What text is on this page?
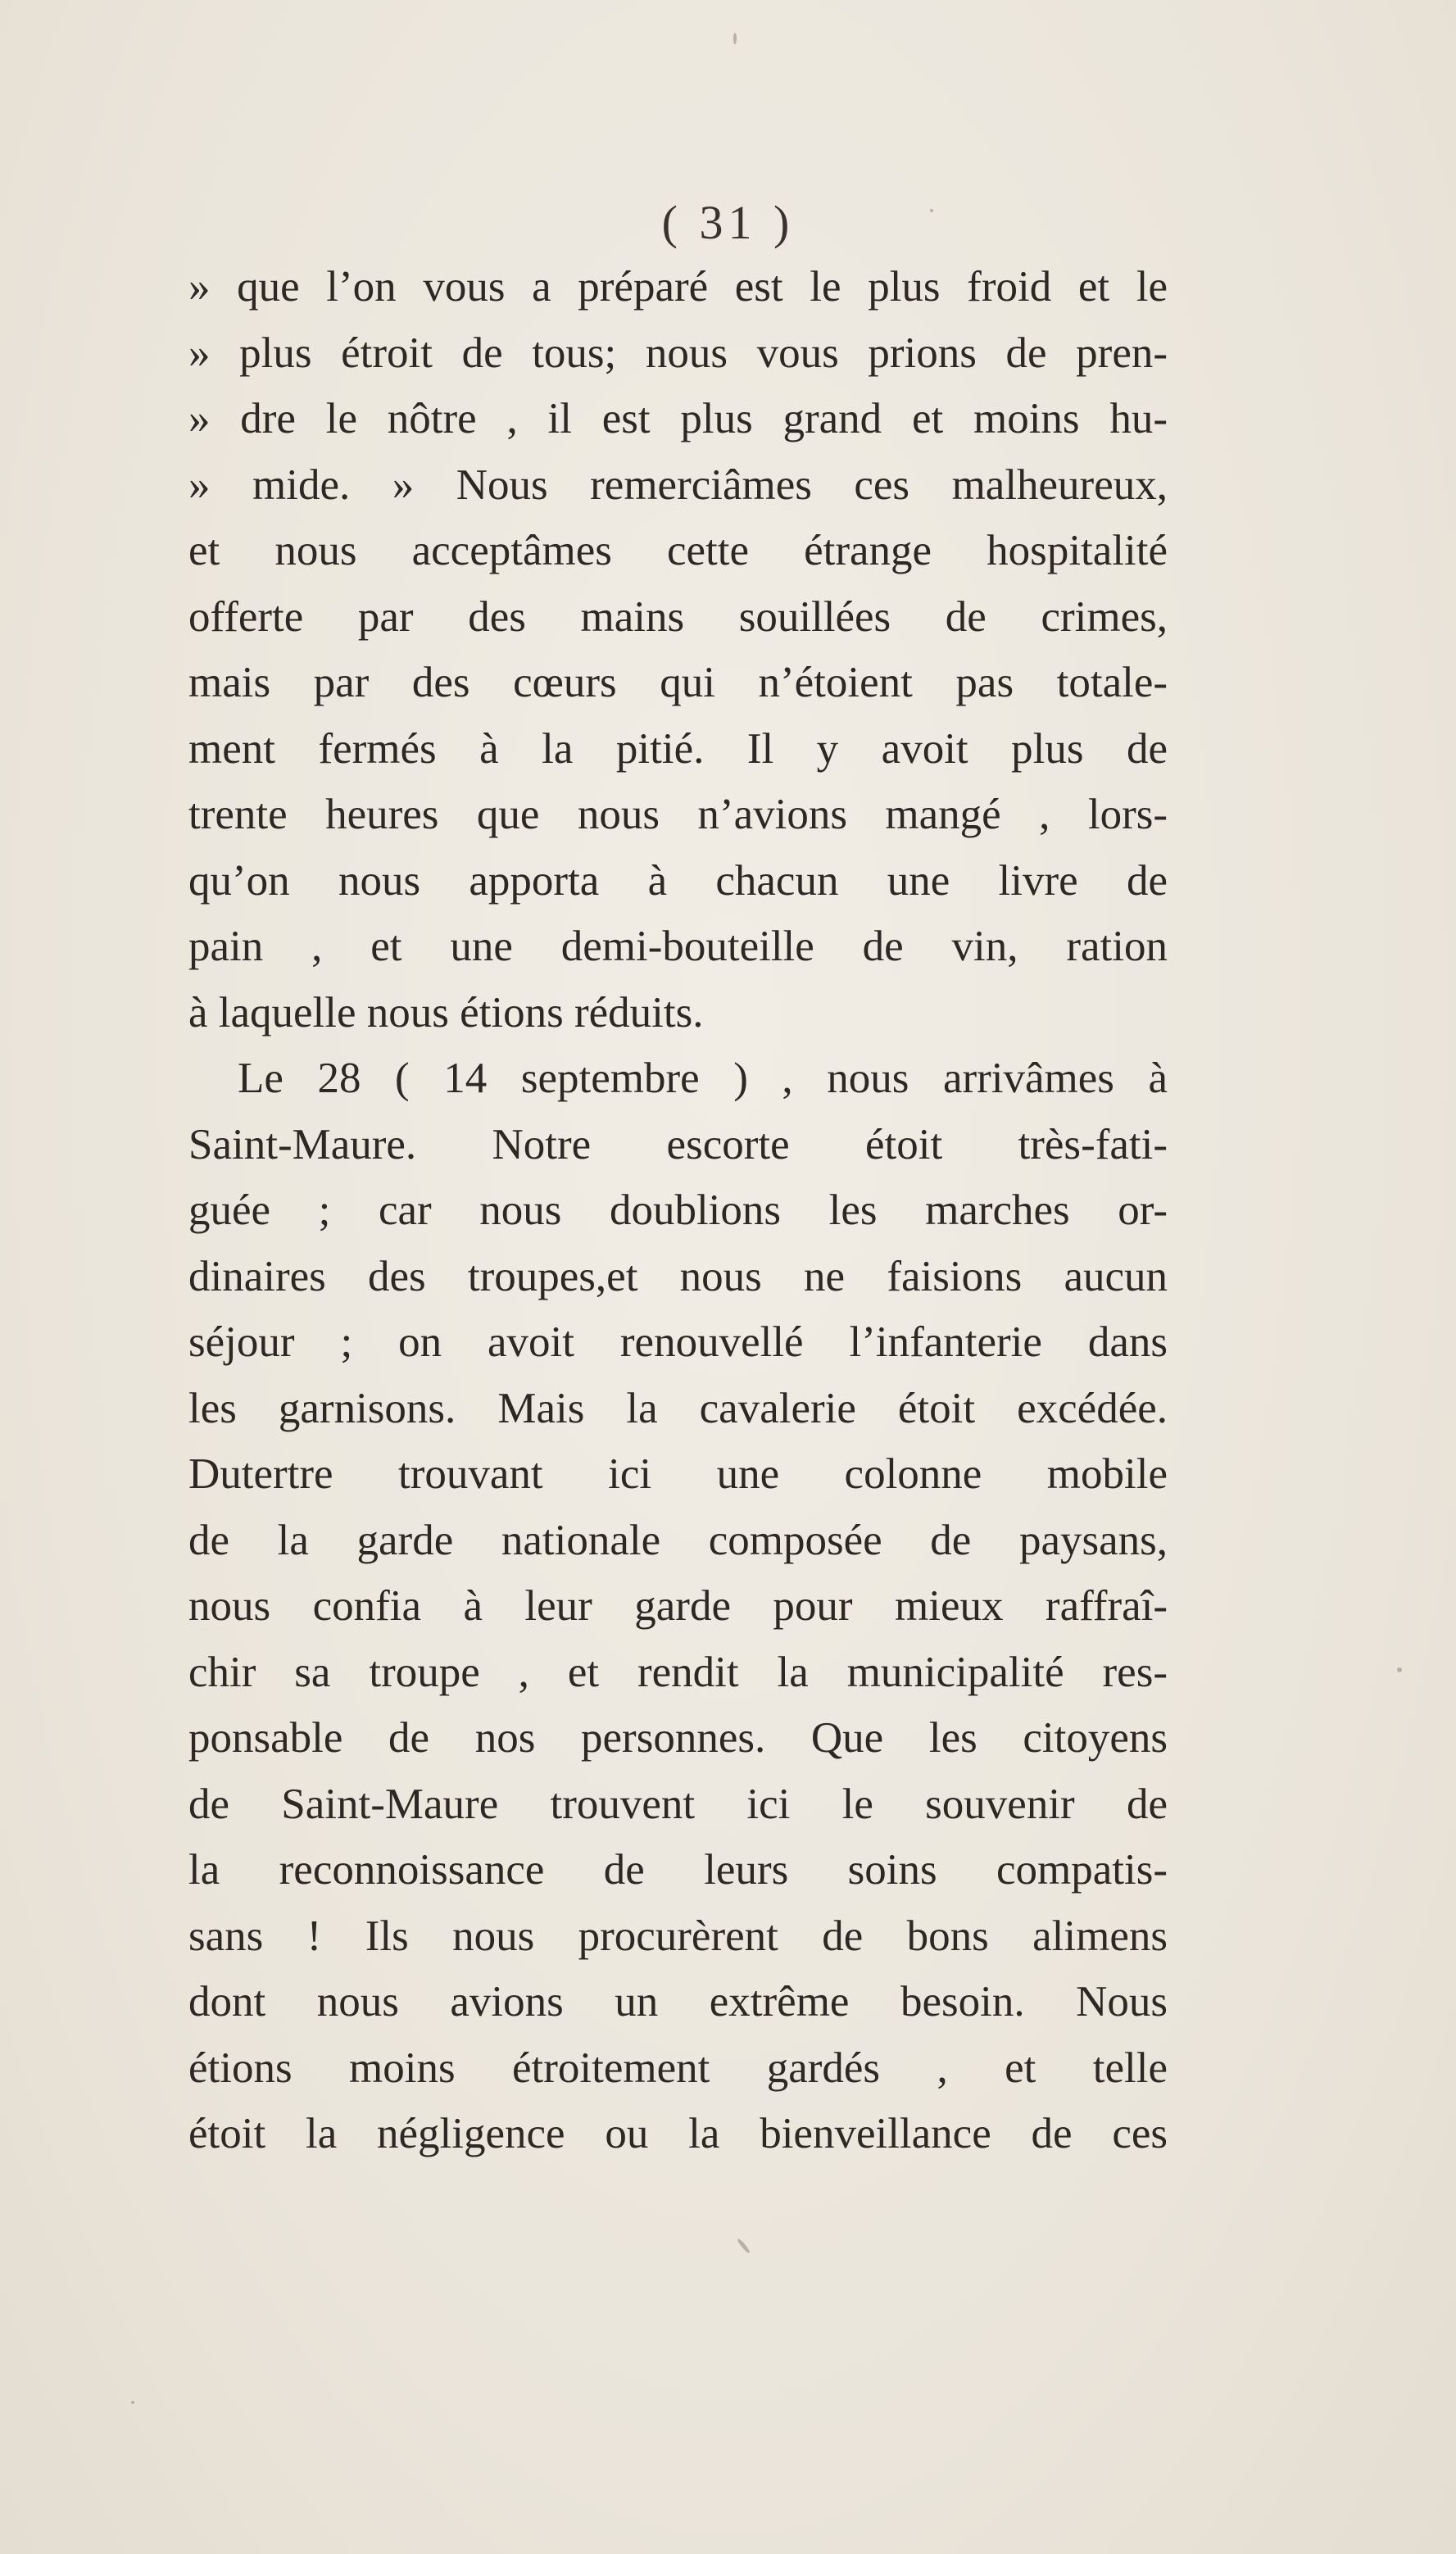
( 31 )
» que l’on vous a préparé est le plus froid et le
» plus étroit de tous; nous vous prions de pren-
» dre le nôtre , il est plus grand et moins hu-
» mide. » Nous remerciâmes ces malheureux,
et nous acceptâmes cette étrange hospitalité
offerte par des mains souillées de crimes,
mais par des cœurs qui n’étoient pas totale-
ment fermés à la pitié. Il y avoit plus de
trente heures que nous n’avions mangé , lors-
qu’on nous apporta à chacun une livre de
pain , et une demi-bouteille de vin, ration
à laquelle nous étions réduits.
Le 28 ( 14 septembre ) , nous arrivâmes à
Saint-Maure. Notre escorte étoit très-fati-
guée ; car nous doublions les marches or-
dinaires des troupes,et nous ne faisions aucun
séjour ; on avoit renouvellé l’infanterie dans
les garnisons. Mais la cavalerie étoit excédée.
Dutertre trouvant ici une colonne mobile
de la garde nationale composée de paysans,
nous confia à leur garde pour mieux raffraî-
chir sa troupe , et rendit la municipalité res-
ponsable de nos personnes. Que les citoyens
de Saint-Maure trouvent ici le souvenir de
la reconnoissance de leurs soins compatis-
sans ! Ils nous procurèrent de bons alimens
dont nous avions un extrême besoin. Nous
étions moins étroitement gardés , et telle
étoit la négligence ou la bienveillance de ces
